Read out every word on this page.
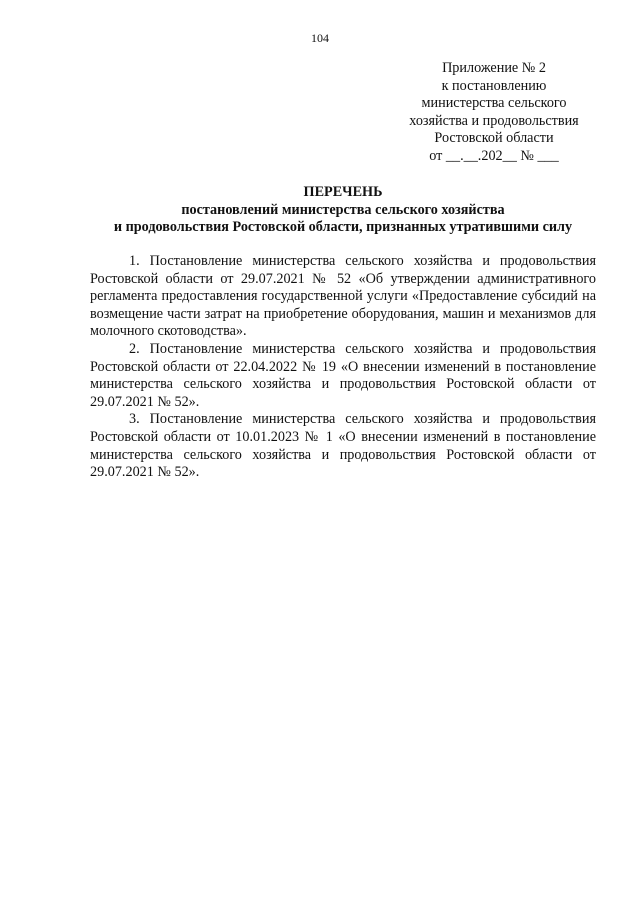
104
Приложение № 2
к постановлению
министерства сельского
хозяйства и продовольствия
Ростовской области
от __.__.202__ № ___
ПЕРЕЧЕНЬ
постановлений министерства сельского хозяйства
и продовольствия Ростовской области, признанных утратившими силу

1. Постановление министерства сельского хозяйства и продовольствия Ростовской области от 29.07.2021 № 52 «Об утверждении административного регламента предоставления государственной услуги «Предоставление субсидий на возмещение части затрат на приобретение оборудования, машин и механизмов для молочного скотоводства».

2. Постановление министерства сельского хозяйства и продовольствия Ростовской области от 22.04.2022 № 19 «О внесении изменений в постановление министерства сельского хозяйства и продовольствия Ростовской области от 29.07.2021 № 52».

3. Постановление министерства сельского хозяйства и продовольствия Ростовской области от 10.01.2023 № 1 «О внесении изменений в постановление министерства сельского хозяйства и продовольствия Ростовской области от 29.07.2021 № 52».
